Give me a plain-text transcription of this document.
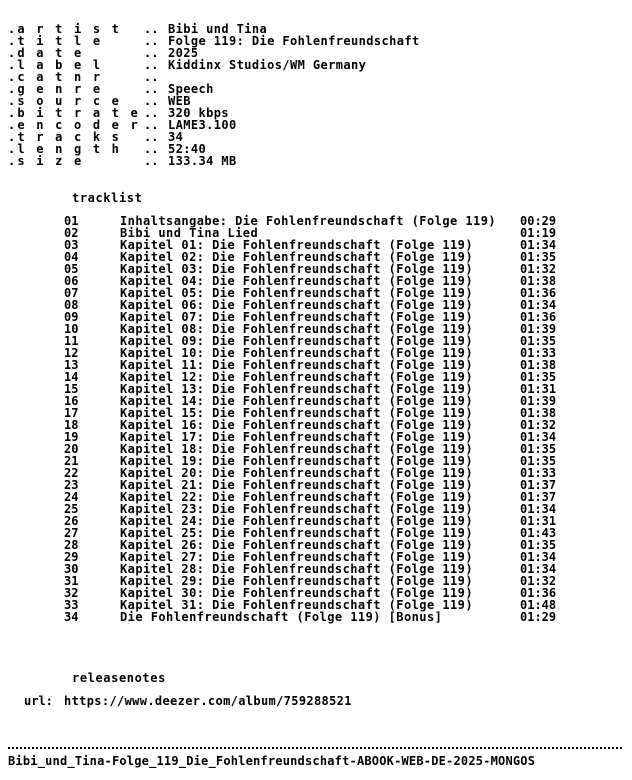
.a r t i s t	.. Bibi und Tina
.t i t l e	.. Folge 119: Die Fohlenfreundschaft
.d a t e	.. 2025
.l a b e l	.. Kiddinx Studios/WM Germany
.c a t n r	..
.g e n r e	.. Speech
.s o u r c e	.. WEB
.b i t r a t e .. 320 kbps
.e n c o d e r .. LAME3.100
.t r a c k s	.. 34
.l e n g t h	.. 52:40
.s i z e	.. 133.34 MB
tracklist
01	Inhaltsangabe: Die Fohlenfreundschaft (Folge 119)	00:29
02	Bibi und Tina Lied	01:19
03	Kapitel 01: Die Fohlenfreundschaft (Folge 119)	01:34
04	Kapitel 02: Die Fohlenfreundschaft (Folge 119)	01:35
05	Kapitel 03: Die Fohlenfreundschaft (Folge 119)	01:32
06	Kapitel 04: Die Fohlenfreundschaft (Folge 119)	01:38
07	Kapitel 05: Die Fohlenfreundschaft (Folge 119)	01:36
08	Kapitel 06: Die Fohlenfreundschaft (Folge 119)	01:34
09	Kapitel 07: Die Fohlenfreundschaft (Folge 119)	01:36
10	Kapitel 08: Die Fohlenfreundschaft (Folge 119)	01:39
11	Kapitel 09: Die Fohlenfreundschaft (Folge 119)	01:35
12	Kapitel 10: Die Fohlenfreundschaft (Folge 119)	01:33
13	Kapitel 11: Die Fohlenfreundschaft (Folge 119)	01:38
14	Kapitel 12: Die Fohlenfreundschaft (Folge 119)	01:35
15	Kapitel 13: Die Fohlenfreundschaft (Folge 119)	01:31
16	Kapitel 14: Die Fohlenfreundschaft (Folge 119)	01:39
17	Kapitel 15: Die Fohlenfreundschaft (Folge 119)	01:38
18	Kapitel 16: Die Fohlenfreundschaft (Folge 119)	01:32
19	Kapitel 17: Die Fohlenfreundschaft (Folge 119)	01:34
20	Kapitel 18: Die Fohlenfreundschaft (Folge 119)	01:35
21	Kapitel 19: Die Fohlenfreundschaft (Folge 119)	01:35
22	Kapitel 20: Die Fohlenfreundschaft (Folge 119)	01:33
23	Kapitel 21: Die Fohlenfreundschaft (Folge 119)	01:37
24	Kapitel 22: Die Fohlenfreundschaft (Folge 119)	01:37
25	Kapitel 23: Die Fohlenfreundschaft (Folge 119)	01:34
26	Kapitel 24: Die Fohlenfreundschaft (Folge 119)	01:31
27	Kapitel 25: Die Fohlenfreundschaft (Folge 119)	01:43
28	Kapitel 26: Die Fohlenfreundschaft (Folge 119)	01:35
29	Kapitel 27: Die Fohlenfreundschaft (Folge 119)	01:34
30	Kapitel 28: Die Fohlenfreundschaft (Folge 119)	01:34
31	Kapitel 29: Die Fohlenfreundschaft (Folge 119)	01:32
32	Kapitel 30: Die Fohlenfreundschaft (Folge 119)	01:36
33	Kapitel 31: Die Fohlenfreundschaft (Folge 119)	01:48
34	Die Fohlenfreundschaft (Folge 119) [Bonus]	01:29
releasenotes
url: https://www.deezer.com/album/759288521
Bibi_und_Tina-Folge_119_Die_Fohlenfreundschaft-ABOOK-WEB-DE-2025-MONGOS
